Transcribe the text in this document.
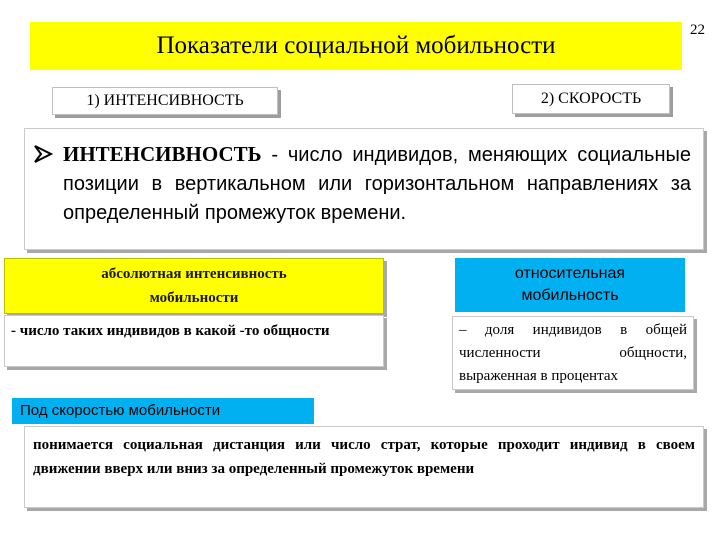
Показатели социальной мобильности
22
1) ИНТЕНСИВНОСТЬ	2) СКОРОСТЬ
ИНТЕНСИВНОСТЬ - число индивидов, меняющих социальные позиции в вертикальном или горизонтальном направлениях за определенный промежуток времени.
абсолютная интенсивность
мобильности
относительная
мобильность
- число таких индивидов в какой -то общности	– доля индивидов в общей численности общности, выраженная в процентах
Под скоростью мобильности
понимается социальная дистанция или число страт, которые проходит индивид в своем движении вверх или вниз за определенный промежуток времени
